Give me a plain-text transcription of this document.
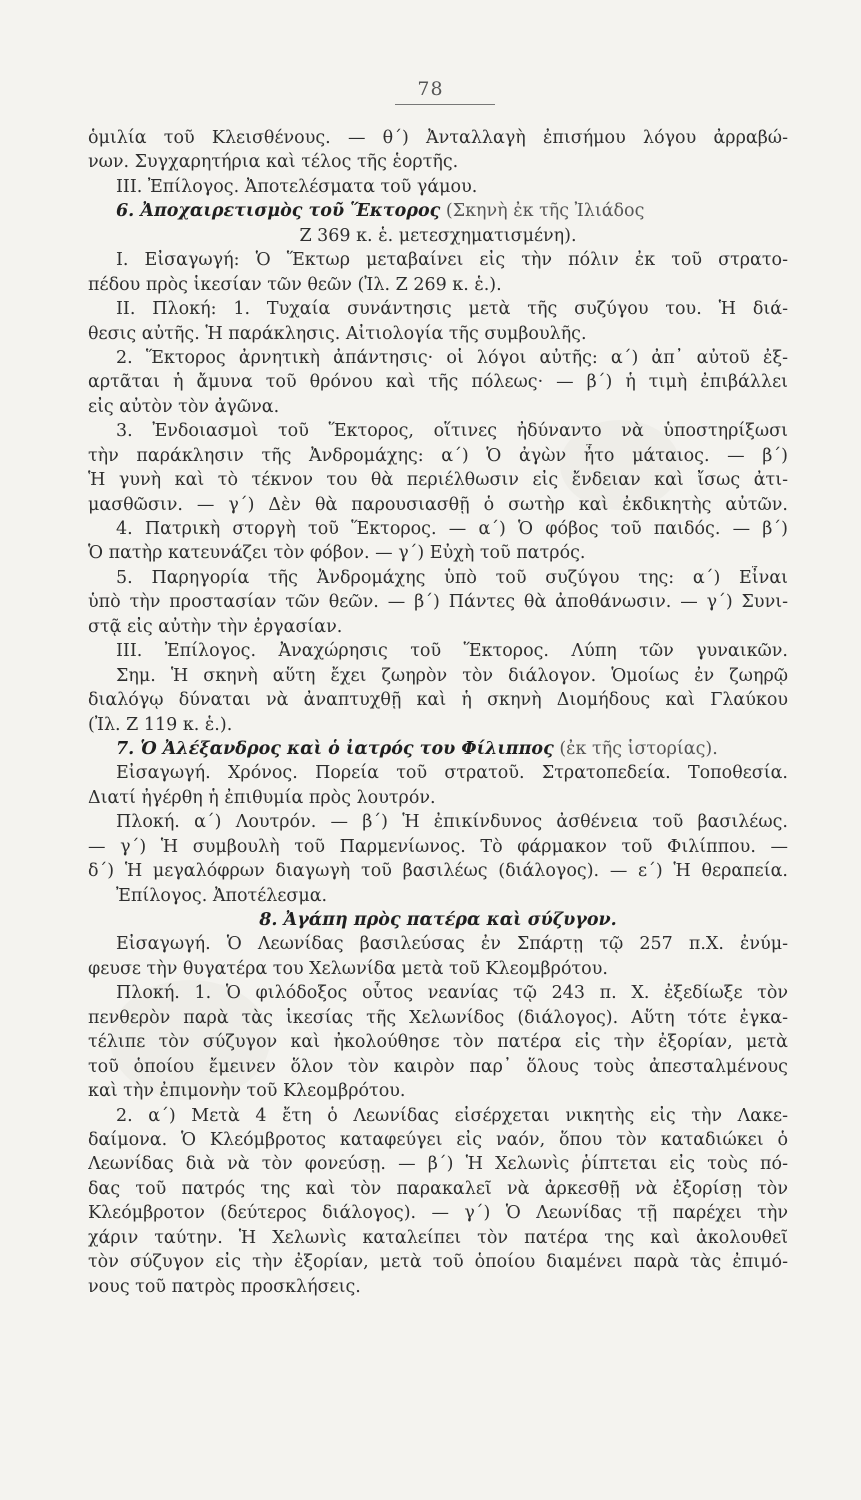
78
ὁμιλία τοῦ Κλεισθένους. — θ΄) Ἀνταλλαγὴ ἐπισήμου λόγου ἀρραβώ-
νων. Συγχαρητήρια καὶ τέλος τῆς ἑορτῆς.
III. Ἐπίλογος. Ἀποτελέσματα τοῦ γάμου.
6. Ἀποχαιρετισμὸς τοῦ Ἕκτορος (Σκηνὴ ἐκ τῆς Ἰλιάδος
Ζ 369 κ. ἑ. μετεσχηματισμένη).
I. Εἰσαγωγή: Ὁ Ἕκτωρ μεταβαίνει εἰς τὴν πόλιν ἐκ τοῦ στρατο-
πέδου πρὸς ἱκεσίαν τῶν θεῶν (Ἰλ. Ζ 269 κ. ἑ.).
II. Πλοκή: 1. Τυχαία συνάντησις μετὰ τῆς συζύγου του. Ἡ διά-
θεσις αὐτῆς. Ἡ παράκλησις. Αἰτιολογία τῆς συμβουλῆς.
2. Ἕκτορος ἀρνητικὴ ἀπάντησις· οἱ λόγοι αὐτῆς: α΄) ἀπ᾿ αὐτοῦ ἐξ-
αρτᾶται ἡ ἄμυνα τοῦ θρόνου καὶ τῆς πόλεως· — β΄) ἡ τιμὴ ἐπιβάλλει
εἰς αὐτὸν τὸν ἀγῶνα.
3. Ἐνδοιασμοὶ τοῦ Ἕκτορος, οἵτινες ἠδύναντο νὰ ὑποστηρίξωσι
τὴν παράκλησιν τῆς Ἀνδρομάχης: α΄) Ὁ ἀγὼν ἦτο μάταιος. — β΄)
Ἡ γυνὴ καὶ τὸ τέκνον του θὰ περιέλθωσιν εἰς ἔνδειαν καὶ ἴσως ἀτι-
μασθῶσιν. — γ΄) Δὲν θὰ παρουσιασθῇ ὁ σωτὴρ καὶ ἐκδικητὴς αὐτῶν.
4. Πατρικὴ στοργὴ τοῦ Ἕκτορος. — α΄) Ὁ φόβος τοῦ παιδός. — β΄)
Ὁ πατὴρ κατευνάζει τὸν φόβον. — γ΄) Εὐχὴ τοῦ πατρός.
5. Παρηγορία τῆς Ἀνδρομάχης ὑπὸ τοῦ συζύγου της: α΄) Εἶναι
ὑπὸ τὴν προστασίαν τῶν θεῶν. — β΄) Πάντες θὰ ἀποθάνωσιν. — γ΄) Συνι-
στᾷ εἰς αὐτὴν τὴν ἐργασίαν.
III. Ἐπίλογος. Ἀναχώρησις τοῦ Ἕκτορος. Λύπη τῶν γυναικῶν.
Σημ. Ἡ σκηνὴ αὕτη ἔχει ζωηρὸν τὸν διάλογον. Ὁμοίως ἐν ζωηρῷ
διαλόγῳ δύναται νὰ ἀναπτυχθῇ καὶ ἡ σκηνὴ Διομήδους καὶ Γλαύκου
(Ἰλ. Ζ 119 κ. ἑ.).
7. Ὁ Ἀλέξανδρος καὶ ὁ ἰατρός του Φίλιππος (ἐκ τῆς ἱστορίας).
Εἰσαγωγή. Χρόνος. Πορεία τοῦ στρατοῦ. Στρατοπεδεία. Τοποθεσία.
Διατί ἠγέρθη ἡ ἐπιθυμία πρὸς λουτρόν.
Πλοκή. α΄) Λουτρόν. — β΄) Ἡ ἐπικίνδυνος ἀσθένεια τοῦ βασιλέως.
— γ΄) Ἡ συμβουλὴ τοῦ Παρμενίωνος. Τὸ φάρμακον τοῦ Φιλίππου. —
δ΄) Ἡ μεγαλόφρων διαγωγὴ τοῦ βασιλέως (διάλογος). — ε΄) Ἡ θεραπεία.
Ἐπίλογος. Ἀποτέλεσμα.
8. Ἀγάπη πρὸς πατέρα καὶ σύζυγον.
Εἰσαγωγή. Ὁ Λεωνίδας βασιλεύσας ἐν Σπάρτῃ τῷ 257 π.Χ. ἐνύμ-
φευσε τὴν θυγατέρα του Χελωνίδα μετὰ τοῦ Κλεομβρότου.
Πλοκή. 1. Ὁ φιλόδοξος οὗτος νεανίας τῷ 243 π. Χ. ἐξεδίωξε τὸν
πενθερὸν παρὰ τὰς ἱκεσίας τῆς Χελωνίδος (διάλογος). Αὕτη τότε ἐγκα-
τέλιπε τὸν σύζυγον καὶ ἠκολούθησε τὸν πατέρα εἰς τὴν ἐξορίαν, μετὰ
τοῦ ὁποίου ἔμεινεν ὅλον τὸν καιρὸν παρ᾿ ὅλους τοὺς ἀπεσταλμένους
καὶ τὴν ἐπιμονὴν τοῦ Κλεομβρότου.
2. α΄) Μετὰ 4 ἔτη ὁ Λεωνίδας εἰσέρχεται νικητὴς εἰς τὴν Λακε-
δαίμονα. Ὁ Κλεόμβροτος καταφεύγει εἰς ναόν, ὅπου τὸν καταδιώκει ὁ
Λεωνίδας διὰ νὰ τὸν φονεύσῃ. — β΄) Ἡ Χελωνὶς ῥίπτεται εἰς τοὺς πό-
δας τοῦ πατρός της καὶ τὸν παρακαλεῖ νὰ ἀρκεσθῇ νὰ ἐξορίσῃ τὸν
Κλεόμβροτον (δεύτερος διάλογος). — γ΄) Ὁ Λεωνίδας τῇ παρέχει τὴν
χάριν ταύτην. Ἡ Χελωνὶς καταλείπει τὸν πατέρα της καὶ ἀκολουθεῖ
τὸν σύζυγον εἰς τὴν ἐξορίαν, μετὰ τοῦ ὁποίου διαμένει παρὰ τὰς ἐπιμό-
νους τοῦ πατρὸς προσκλήσεις.
